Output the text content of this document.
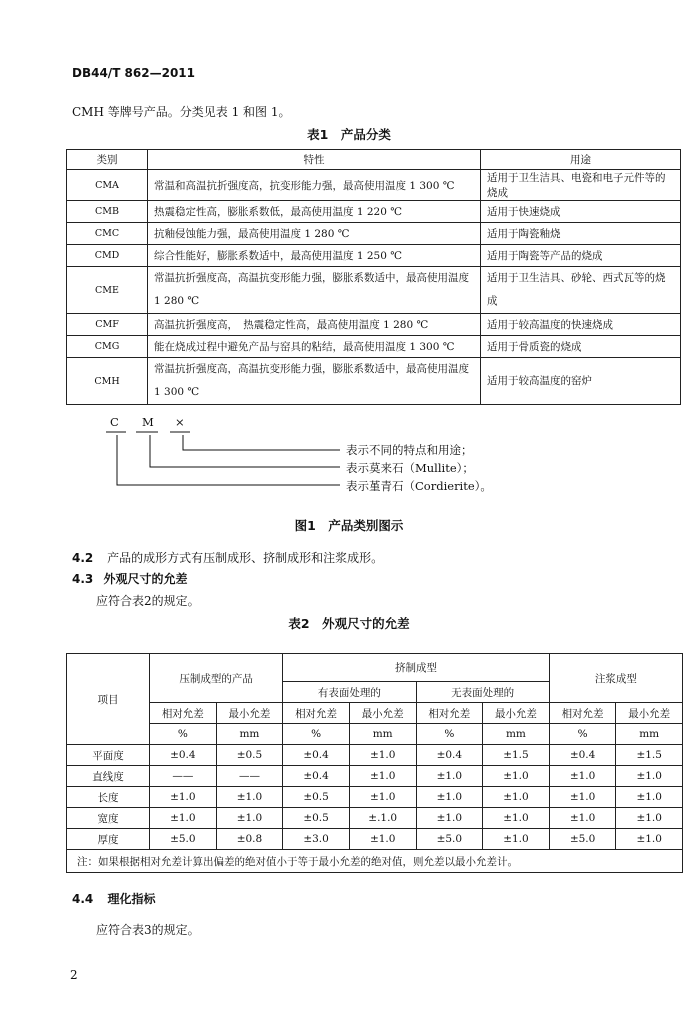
DB44/T 862—2011
CMH 等牌号产品。分类见表 1 和图 1。
表1　产品分类
类别	特性	用途
CMA	常温和高温抗折强度高，抗变形能力强，最高使用温度 1 300 ℃	适用于卫生洁具、电瓷和电子元件等的烧成
CMB	热震稳定性高，膨胀系数低，最高使用温度 1 220 ℃	适用于快速烧成
CMC	抗釉侵蚀能力强，最高使用温度 1 280 ℃	适用于陶瓷釉烧
CMD	综合性能好，膨胀系数适中，最高使用温度 1 250 ℃	适用于陶瓷等产品的烧成
CME	常温抗折强度高，高温抗变形能力强，膨胀系数适中，最高使用温度 1 280 ℃	适用于卫生洁具、砂轮、西式瓦等的烧成
CMF	高温抗折强度高，　热震稳定性高，最高使用温度 1 280 ℃	适用于较高温度的快速烧成
CMG	能在烧成过程中避免产品与窑具的粘结，最高使用温度 1 300 ℃	适用于骨质瓷的烧成
CMH	常温抗折强度高，高温抗变形能力强，膨胀系数适中，最高使用温度 1 300 ℃	适用于较高温度的窑炉
C M ×
表示不同的特点和用途；
表示莫来石（Mullite）；
表示堇青石（Cordierite）。
图1　产品类别图示
4.2 产品的成形方式有压制成形、挤制成形和注浆成形。
4.3 外观尺寸的允差
应符合表2的规定。
表2　外观尺寸的允差
项目	压制成型的产品		挤制成型				注浆成型	
			有表面处理的		无表面处理的			
	相对允差	最小允差	相对允差	最小允差	相对允差	最小允差	相对允差	最小允差
	%	mm	%	mm	%	mm	%	mm
平面度	±0.4	±0.5	±0.4	±1.0	±0.4	±1.5	±0.4	±1.5
直线度	——	——	±0.4	±1.0	±1.0	±1.0	±1.0	±1.0
长度	±1.0	±1.0	±0.5	±1.0	±1.0	±1.0	±1.0	±1.0
宽度	±1.0	±1.0	±0.5	±.1.0	±1.0	±1.0	±1.0	±1.0
厚度	±5.0	±0.8	±3.0	±1.0	±5.0	±1.0	±5.0	±1.0
注：如果根据相对允差计算出偏差的绝对值小于等于最小允差的绝对值，则允差以最小允差计。								
4.4 理化指标
应符合表3的规定。
2
